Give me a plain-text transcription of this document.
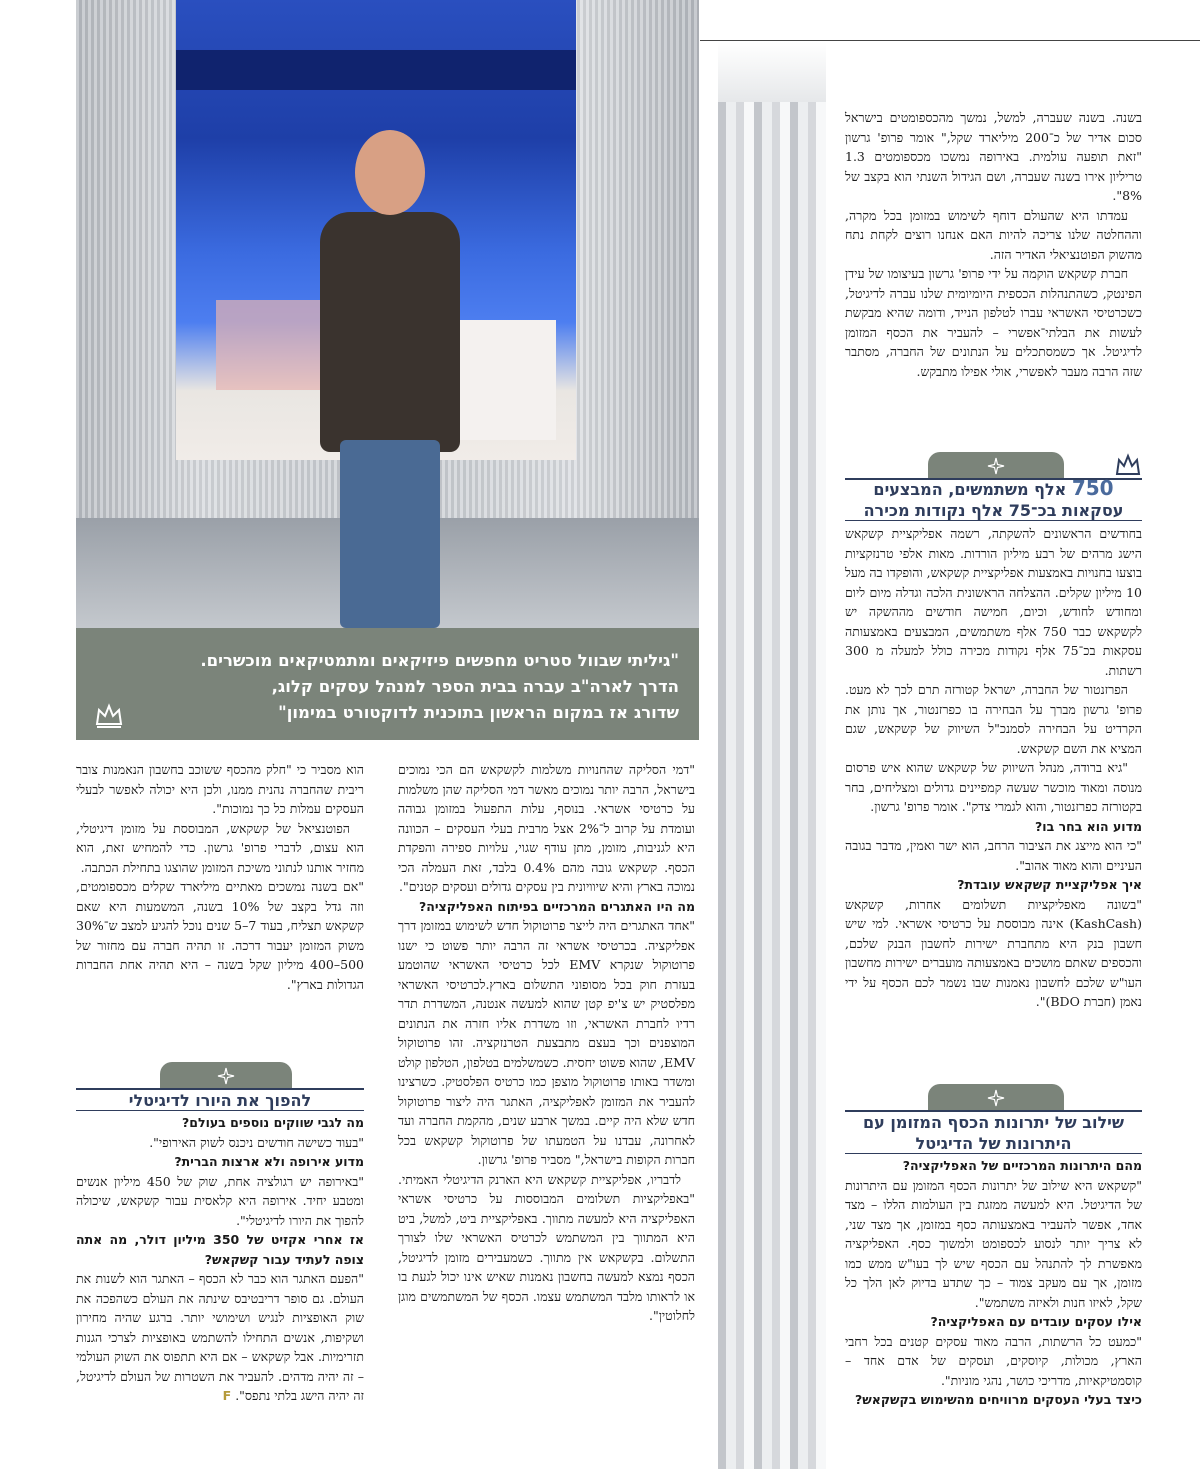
"גיליתי שבוול סטריט מחפשים פיזיקאים ומתמטיקאים מוכשרים.
הדרך לארה"ב עברה בבית הספר למנהל עסקים קלוג,
שדורג אז במקום הראשון בתוכנית לדוקטורט במימון"

בשנה. בשנה שעברה, למשל, נמשך מהכספומטים בישראל סכום אדיר של כ־200 מיליארד שקל," אומר פרופ' גרשון "זאת תופעה עולמית. באירופה נמשכו מכספומטים 1.3 טריליון אירו בשנה שעברה, ושם הגידול השנתי הוא בקצב של 8%".

עמדתו היא שהעולם דוחף לשימוש במזומן בכל מקרה, וההחלטה שלנו צריכה להיות האם אנחנו רוצים לקחת נתח מהשוק הפוטנציאלי האדיר הזה.

חברת קשקאש הוקמה על ידי פרופ' גרשון בעיצומו של עידן הפינטק, כשהתנהלות הכספית היומיומית שלנו עברה לדיגיטל, כשכרטיסי האשראי עברו לטלפון הנייד, ודומה שהיא מבקשת לעשות את הבלתי־אפשרי – להעביר את הכסף המזומן לדיגיטל. אך כשמסתכלים על הנתונים של החברה, מסתבר שזה הרבה מעבר לאפשרי, אולי אפילו מתבקש.

750 אלף משתמשים, המבצעים
עסקאות בכ־75 אלף נקודות מכירה

בחודשים הראשונים להשקתה, רשמה אפליקציית קשקאש הישג מרהים של רבע מיליון הורדות. מאות אלפי טרנזקציות בוצעו בחנויות באמצעות אפליקציית קשקאש, והופקדו בה מעל 10 מיליון שקלים. ההצלחה הראשונית הלכה וגדלה מיום ליום ומחודש לחודש, וכיום, חמישה חודשים מההשקה יש לקשקאש כבר 750 אלף משתמשים, המבצעים באמצעותה עסקאות בכ־75 אלף נקודות מכירה כולל למעלה מ 300 רשתות.

הפרזנטור של החברה, ישראל קטורזה תרם לכך לא מעט. פרופ' גרשון מברך על הבחירה בו כפרזנטור, אך נותן את הקרדיט על הבחירה לסמנכ"ל השיווק של קשקאש, שגם המציא את השם קשקאש.

"גיא ברודה, מנהל השיווק של קשקאש שהוא איש פרסום מנוסה ומאוד מוכשר שעשה קמפיינים גדולים ומצליחים, בחר בקטורזה כפרזנטור, והוא לגמרי צדק". אומר פרופ' גרשון.

מדוע הוא בחר בו?

"כי הוא מייצג את הציבור הרחב, הוא ישר ואמין, מדבר בגובה העיניים והוא מאוד אהוב".

איך אפליקציית קשקאש עובדת?

"בשונה מאפליקציות תשלומים אחרות, קשקאש (KashCash) אינה מבוססת על כרטיסי אשראי. למי שיש חשבון בנק היא מתחברת ישירות לחשבון הבנק שלכם, והכספים שאתם מושכים באמצעותה מועברים ישירות מחשבון העו"ש שלכם לחשבון נאמנות שבו נשמר לכם הכסף על ידי נאמן (חברת BDO)".

שילוב של יתרונות הכסף המזומן עם
היתרונות של הדיגיטל

מהם היתרונות המרכזיים של האפליקציה?

"קשקאש היא שילוב של יתרונות הכסף המזומן עם היתרונות של הדיגיטל. היא למעשה ממזגת בין העולמות הללו – מצד אחד, אפשר להעביר באמצעותה כסף במזומן, אך מצד שני, לא צריך יותר לנסוע לכספומט ולמשוך כסף. האפליקציה מאפשרת לך להתנהל עם הכסף שיש לך בעו"ש ממש כמו מזומן, אך עם מעקב צמוד – כך שתדע בדיוק לאן הלך כל שקל, לאיזו חנות ולאיזה משתמש".

אילו עסקים עובדים עם האפליקציה?

"כמעט כל הרשתות, הרבה מאוד עסקים קטנים בכל רחבי הארץ, מכולות, קיוסקים, ועסקים של אדם אחד – קוסמטיקאיות, מדריכי כושר, נהגי מוניות".

כיצד בעלי העסקים מרוויחים מהשימוש בקשקאש?

"דמי הסליקה שהחנויות משלמות לקשקאש הם הכי נמוכים בישראל, הרבה יותר נמוכים מאשר דמי הסליקה שהן משלמות על כרטיסי אשראי. בנוסף, עלות התפעול במזומן גבוהה ועומדת על קרוב ל־2% אצל מרבית בעלי העסקים – הכוונה היא לגניבות, מזומן, מתן עודף שגוי, עלויות ספירה והפקדת הכסף. קשקאש גובה מהם 0.4% בלבד, זאת העמלה הכי נמוכה בארץ והיא שיוויונית בין עסקים גדולים ועסקים קטנים".

מה היו האתגרים המרכזיים בפיתוח האפליקציה?

"אחד האתגרים היה לייצר פרוטוקול חדש לשימוש במזומן דרך אפליקציה. בכרטיסי אשראי זה הרבה יותר פשוט כי ישנו פרוטוקול שנקרא EMV לכל כרטיסי האשראי שהוטמע בעזרת חוק בכל מסופוני התשלום בארץ.לכרטיסי האשראי מפלסטיק יש צ'יפ קטן שהוא למעשה אנטנה, המשדרת תדר רדיו לחברת האשראי, וזו משדרת אליו חזרה את הנתונים המוצפנים וכך בעצם מתבצעת הטרנזקציה. זהו פרוטוקול EMV, שהוא פשוט יחסית. כשמשלמים בטלפון, הטלפון קולט ומשדר באותו פרוטוקול מוצפן כמו כרטיס הפלסטיק. כשרצינו להעביר את המזומן לאפליקציה, האתגר היה ליצור פרוטוקול חדש שלא היה קיים. במשך ארבע שנים, מהקמת החברה ועד לאחרונה, עבדנו על הטמעתו של פרוטוקול קשקאש בכל חברות הקופות בישראל," מסביר פרופ' גרשון.

לדבריו, אפליקציית קשקאש היא הארנק הדיגיטלי האמיתי. "באפליקציות תשלומים המבוססות על כרטיסי אשראי האפליקציה היא למעשה מתווך. באפליקציית ביט, למשל, ביט היא המתווך בין המשתמש לכרטיס האשראי שלו לצורך התשלום. בקשקאש אין מתווך. כשמעבירים מזומן לדיגיטל, הכסף נמצא למעשה בחשבון נאמנות שאיש אינו יכול לגעת בו או לראותו מלבד המשתמש עצמו. הכסף של המשתמשים מוגן לחלוטין".

הוא מסביר כי "חלק מהכסף ששוכב בחשבון הנאמנות צובר ריבית שהחברה נהנית ממנו, ולכן היא יכולה לאפשר לבעלי העסקים עמלות כל כך נמוכות".

הפוטנציאל של קשקאש, המבוססת על מזומן דיגיטלי, הוא עצום, לדברי פרופ' גרשון. כדי להמחיש זאת, הוא מחזיר אותנו לנתוני משיכת המזומן שהוצגו בתחילת הכתבה.

"אם בשנה נמשכים מאתיים מיליארד שקלים מכספומטים, וזה גדל בקצב של 10% בשנה, המשמעות היא שאם קשקאש תצליח, בעוד 7–5 שנים נוכל להגיע למצב ש־30% משוק המזומן יעבור דרכה. זו תהיה חברה עם מחזור של 500–400 מיליון שקל בשנה – היא תהיה אחת החברות הגדולות בארץ".

להפוך את היורו לדיגיטלי

מה לגבי שווקים נוספים בעולם?

"בעוד כשישה חודשים ניכנס לשוק האירופי".

מדוע אירופה ולא ארצות הברית?

"באירופה יש רגולציה אחת, שוק של 450 מיליון אנשים ומטבע יחיד. אירופה היא קלאסית עבור קשקאש, שיכולה להפוך את היורו לדיגיטלי".

אז אחרי אקזיט של 350 מיליון דולר, מה אתה צופה לעתיד עבור קשקאש?

"הפעם האתגר הוא כבר לא הכסף – האתגר הוא לשנות את העולם. גם סופר דריבטיבס שינתה את העולם כשהפכה את שוק האופציות לנגיש ושימושי יותר. ברגע שהיה מחירון ושקיפות, אנשים התחילו להשתמש באופציות לצרכי הגנות תזרימיות. אבל קשקאש – אם היא תתפוס את השוק העולמי – זה יהיה מדהים. להעביר את השטרות של העולם לדיגיטל, זה יהיה הישג בלתי נתפס". F
